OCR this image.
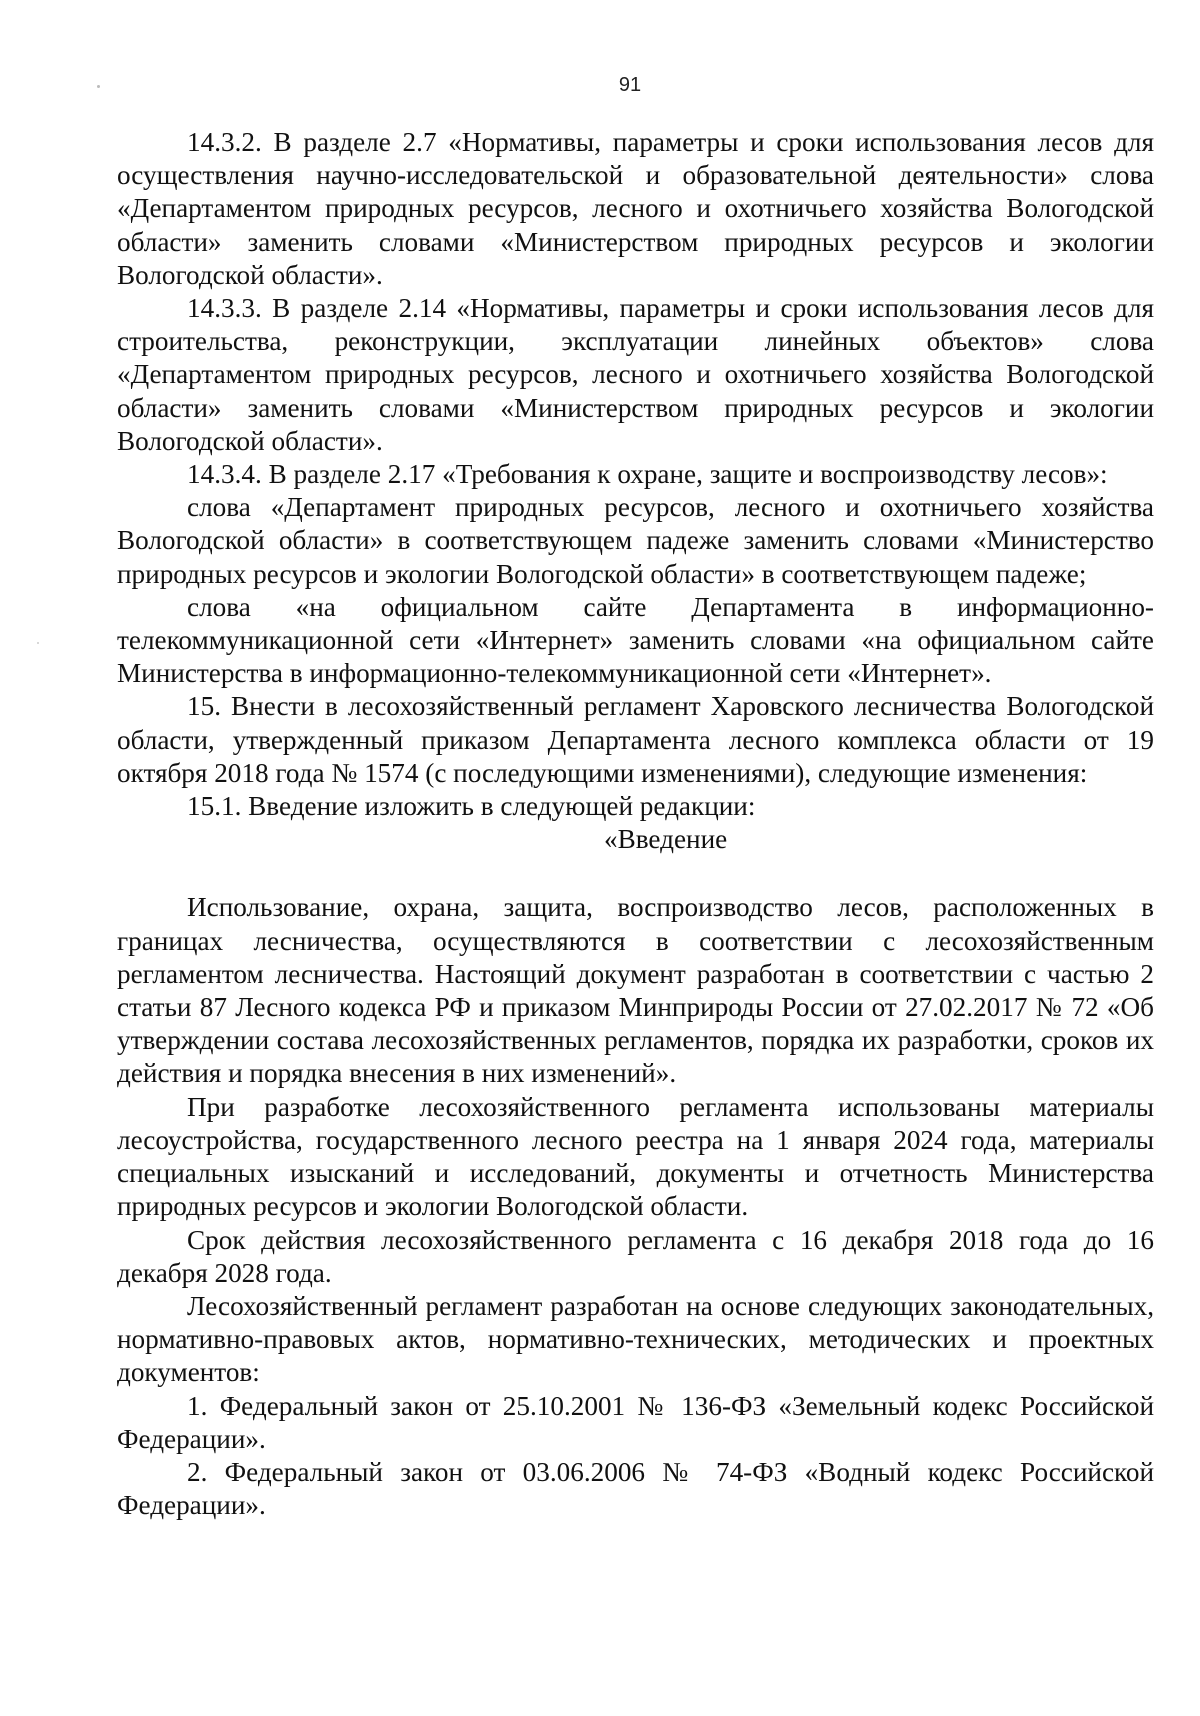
91

14.3.2. В разделе 2.7 «Нормативы, параметры и сроки использования лесов для осуществления научно-исследовательской и образовательной деятельности» слова «Департаментом природных ресурсов, лесного и охотничьего хозяйства Вологодской области» заменить словами «Министерством природных ресурсов и экологии Вологодской области».

14.3.3. В разделе 2.14 «Нормативы, параметры и сроки использования лесов для строительства, реконструкции, эксплуатации линейных объектов» слова «Департаментом природных ресурсов, лесного и охотничьего хозяйства Вологодской области» заменить словами «Министерством природных ресурсов и экологии Вологодской области».

14.3.4. В разделе 2.17 «Требования к охране, защите и воспроизводству лесов»:

слова «Департамент природных ресурсов, лесного и охотничьего хозяйства Вологодской области» в соответствующем падеже заменить словами «Министерство природных ресурсов и экологии Вологодской области» в соответствующем падеже;

слова «на официальном сайте Департамента в информационно-телекоммуникационной сети «Интернет» заменить словами «на официальном сайте Министерства в информационно-телекоммуникационной сети «Интернет».

15. Внести в лесохозяйственный регламент Харовского лесничества Вологодской области, утвержденный приказом Департамента лесного комплекса области от 19 октября 2018 года № 1574 (с последующими изменениями), следующие изменения:

15.1. Введение изложить в следующей редакции:

«Введение

Использование, охрана, защита, воспроизводство лесов, расположенных в границах лесничества, осуществляются в соответствии с лесохозяйственным регламентом лесничества. Настоящий документ разработан в соответствии с частью 2 статьи 87 Лесного кодекса РФ и приказом Минприроды России от 27.02.2017 № 72 «Об утверждении состава лесохозяйственных регламентов, порядка их разработки, сроков их действия и порядка внесения в них изменений».

При разработке лесохозяйственного регламента использованы материалы лесоустройства, государственного лесного реестра на 1 января 2024 года, материалы специальных изысканий и исследований, документы и отчетность Министерства природных ресурсов и экологии Вологодской области.

Срок действия лесохозяйственного регламента с 16 декабря 2018 года до 16 декабря 2028 года.

Лесохозяйственный регламент разработан на основе следующих законодательных, нормативно-правовых актов, нормативно-технических, методических и проектных документов:

1. Федеральный закон от 25.10.2001 № 136-ФЗ «Земельный кодекс Российской Федерации».

2. Федеральный закон от 03.06.2006 № 74-ФЗ «Водный кодекс Российской Федерации».
